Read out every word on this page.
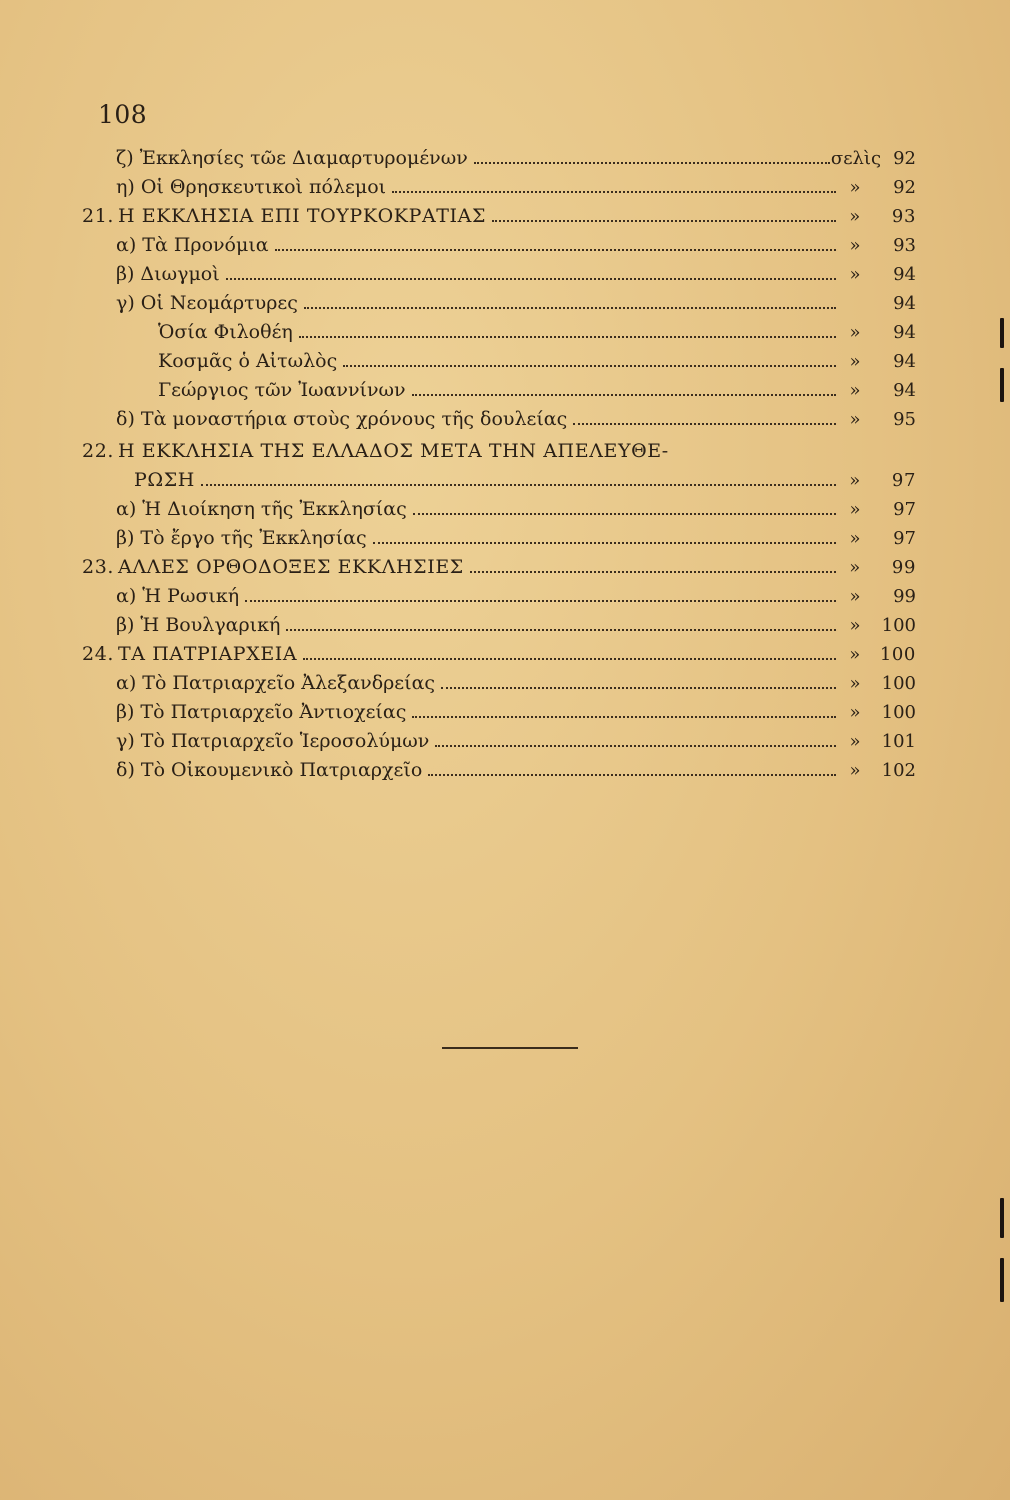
108
ζ) Ἐκκλησίες τῶε Διαμαρτυρομένων	σελὶς 92
η) Οἱ Θρησκευτικοὶ πόλεμοι	»	92
21. Η ΕΚΚΛΗΣΙΑ ΕΠΙ ΤΟΥΡΚΟΚΡΑΤΙΑΣ	»	93
α) Τὰ Προνόμια	»	93
β) Διωγμοὶ	»	94
γ) Οἱ Νεομάρτυρες	94
Ὁσία Φιλοθέη	»	94
Κοσμᾶς ὁ Αἰτωλὸς	»	94
Γεώργιος τῶν Ἰωαννίνων	»	94
δ) Τὰ μοναστήρια στοὺς χρόνους τῆς δουλείας	»	95
22. Η ΕΚΚΛΗΣΙΑ ΤΗΣ ΕΛΛΑΔΟΣ ΜΕΤΑ ΤΗΝ ΑΠΕΛΕΥΘΕ-
ΡΩΣΗ	»	97
α) Ἡ Διοίκηση τῆς Ἐκκλησίας	»	97
β) Τὸ ἔργο τῆς Ἐκκλησίας	»	97
23. ΑΛΛΕΣ ΟΡΘΟΔΟΞΕΣ ΕΚΚΛΗΣΙΕΣ	»	99
α) Ἡ Ρωσική	»	99
β) Ἡ Βουλγαρική	»	100
24. ΤΑ ΠΑΤΡΙΑΡΧΕΙΑ	»	100
α) Τὸ Πατριαρχεῖο Ἀλεξανδρείας	»	100
β) Τὸ Πατριαρχεῖο Ἀντιοχείας	»	100
γ) Τὸ Πατριαρχεῖο Ἱεροσολύμων	»	101
δ) Τὸ Οἰκουμενικὸ Πατριαρχεῖο	»	102
